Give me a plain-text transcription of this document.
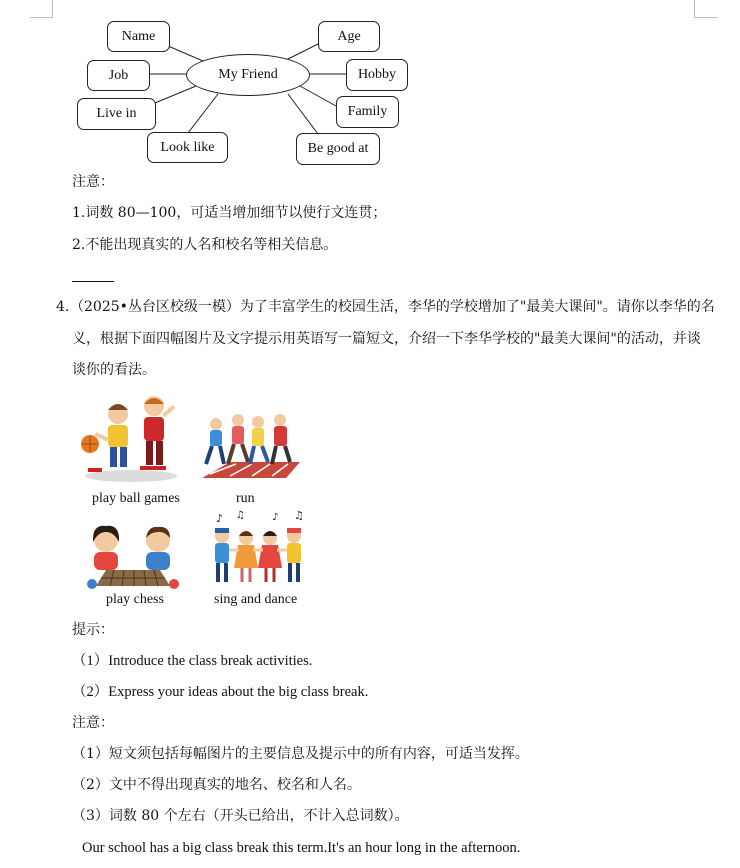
My Friend
Name
Job
Live in
Look like
Age
Hobby
Family
Be good at
注意：
1.词数 80—100，可适当增加细节以使行文连贯；
2.不能出现真实的人名和校名等相关信息。
4. （2025•丛台区校级一模）为了丰富学生的校园生活，李华的学校增加了"最美大课间"。请你以李华的名
义，根据下面四幅图片及文字提示用英语写一篇短文，介绍一下李华学校的"最美大课间"的活动，并谈
谈你的看法。
play ball games	run
play chess
♪ ♫	♪ ♫
sing and dance
提示：
（1）Introduce the class break activities.
（2）Express your ideas about the big class break.
注意：
（1）短文须包括每幅图片的主要信息及提示中的所有内容，可适当发挥。
（2）文中不得出现真实的地名、校名和人名。
（3）词数 80 个左右（开头已给出，不计入总词数）。
Our school has a big class break this term.It's an hour long in the afternoon.
